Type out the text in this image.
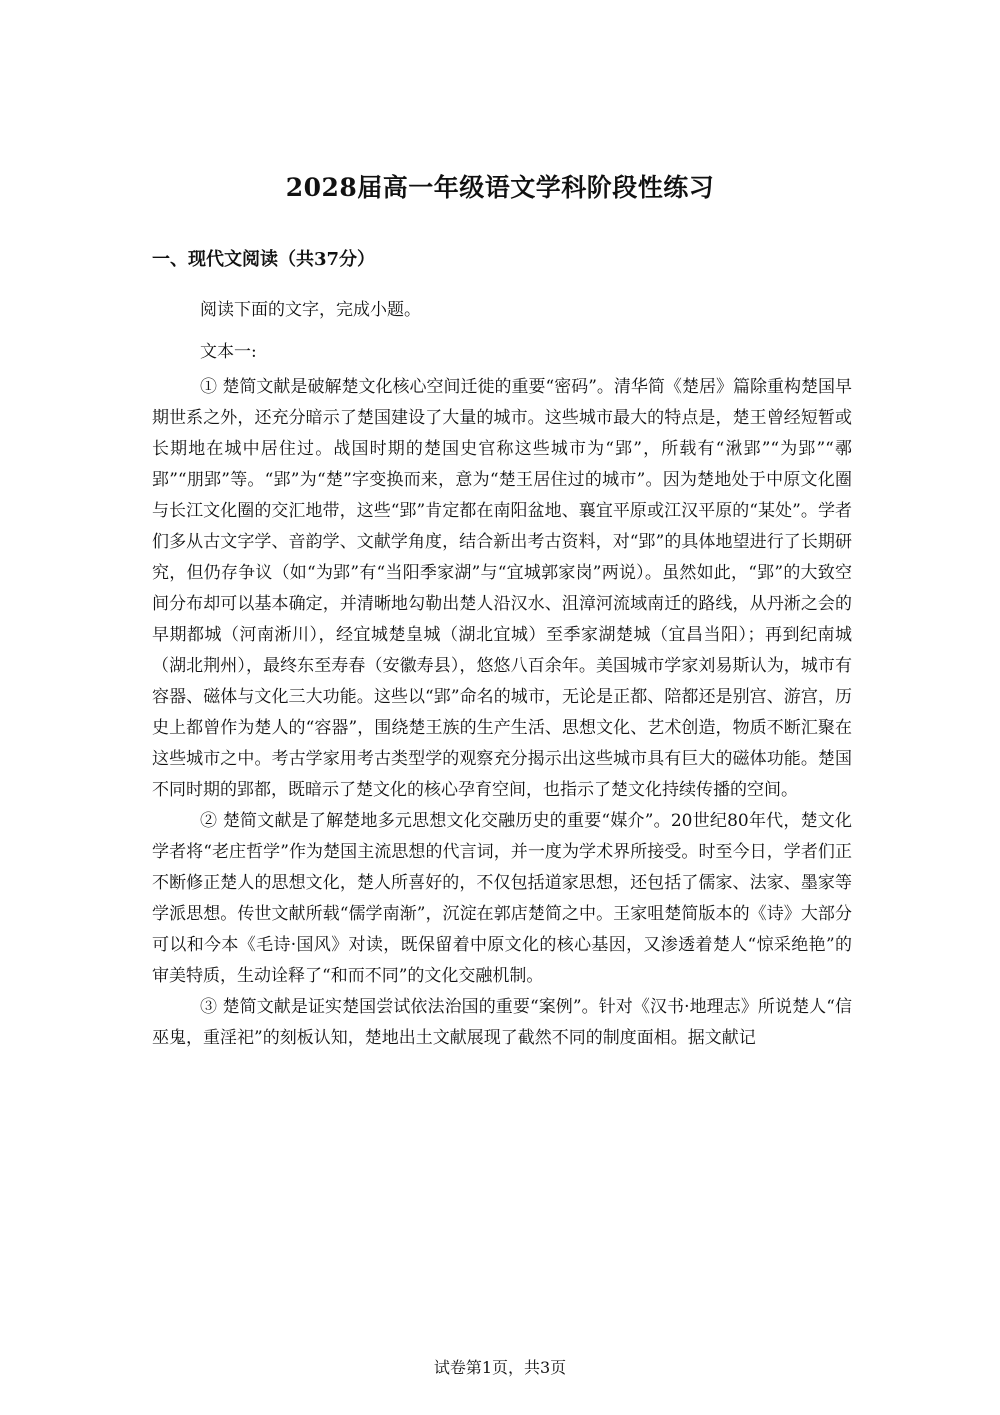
2028届高一年级语文学科阶段性练习
一、现代文阅读（共37分）
阅读下面的文字，完成小题。
文本一:

① 楚简文献是破解楚文化核心空间迁徙的重要“密码”。清华简《楚居》篇除重构楚国早期世系之外，还充分暗示了楚国建设了大量的城市。这些城市最大的特点是，楚王曾经短暂或长期地在城中居住过。战国时期的楚国史官称这些城市为“郢”，所载有“湫郢”“为郢”“鄩郢”“朋郢”等。“郢”为“楚”字变换而来，意为“楚王居住过的城市”。因为楚地处于中原文化圈与长江文化圈的交汇地带，这些“郢”肯定都在南阳盆地、襄宜平原或江汉平原的“某处”。学者们多从古文字学、音韵学、文献学角度，结合新出考古资料，对“郢”的具体地望进行了长期研究，但仍存争议（如“为郢”有“当阳季家湖”与“宜城郭家岗”两说）。虽然如此，“郢”的大致空间分布却可以基本确定，并清晰地勾勒出楚人沿汉水、沮漳河流域南迁的路线，从丹淅之会的早期都城（河南淅川），经宜城楚皇城（湖北宜城）至季家湖楚城（宜昌当阳）；再到纪南城（湖北荆州），最终东至寿春（安徽寿县），悠悠八百余年。美国城市学家刘易斯认为，城市有容器、磁体与文化三大功能。这些以“郢”命名的城市，无论是正都、陪都还是别宫、游宫，历史上都曾作为楚人的“容器”，围绕楚王族的生产生活、思想文化、艺术创造，物质不断汇聚在这些城市之中。考古学家用考古类型学的观察充分揭示出这些城市具有巨大的磁体功能。楚国不同时期的郢都，既暗示了楚文化的核心孕育空间，也指示了楚文化持续传播的空间。

② 楚简文献是了解楚地多元思想文化交融历史的重要“媒介”。20世纪80年代，楚文化学者将“老庄哲学”作为楚国主流思想的代言词，并一度为学术界所接受。时至今日，学者们正不断修正楚人的思想文化，楚人所喜好的，不仅包括道家思想，还包括了儒家、法家、墨家等学派思想。传世文献所载“儒学南渐”，沉淀在郭店楚简之中。王家咀楚简版本的《诗》大部分可以和今本《毛诗·国风》对读，既保留着中原文化的核心基因，又渗透着楚人“惊采绝艳”的审美特质，生动诠释了“和而不同”的文化交融机制。

③ 楚简文献是证实楚国尝试依法治国的重要“案例”。针对《汉书·地理志》所说楚人“信巫鬼，重淫祀”的刻板认知，楚地出土文献展现了截然不同的制度面相。据文献记

试卷第1页，共3页
